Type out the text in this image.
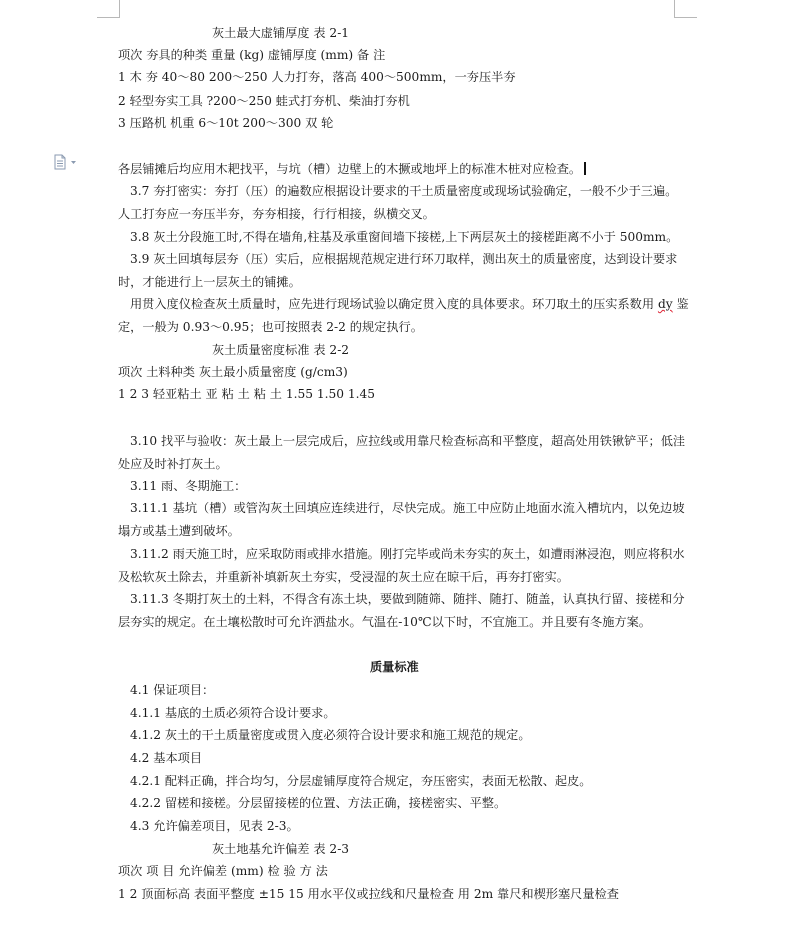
灰土最大虚铺厚度 表 2-1
项次 夯具的种类 重量 (kg) 虚铺厚度 (mm) 备 注
1 木 夯 40～80 200～250 人力打夯，落高 400～500mm，一夯压半夯
2 轻型夯实工具 ?200～250 蛙式打夯机、柴油打夯机
3 压路机 机重 6～10t 200～300 双 轮
各层铺摊后均应用木耙找平，与坑（槽）边壁上的木撅或地坪上的标准木桩对应检查。
3.7 夯打密实：夯打（压）的遍数应根据设计要求的干土质量密度或现场试验确定，一般不少于三遍。
人工打夯应一夯压半夯，夯夯相接，行行相接，纵横交叉。
3.8 灰土分段施工时,不得在墙角,柱基及承重窗间墙下接槎,上下两层灰土的接槎距离不小于 500mm。
3.9 灰土回填每层夯（压）实后，应根据规范规定进行环刀取样，测出灰土的质量密度，达到设计要求
时，才能进行上一层灰土的铺摊。
用贯入度仪检查灰土质量时，应先进行现场试验以确定贯入度的具体要求。环刀取土的压实系数用 dy 鉴
定，一般为 0.93～0.95；也可按照表 2-2 的规定执行。
灰土质量密度标准 表 2-2
项次 土料种类 灰土最小质量密度 (g/cm3)
1 2 3 轻亚粘土 亚 粘 土 粘 土 1.55 1.50 1.45
3.10 找平与验收：灰土最上一层完成后，应拉线或用靠尺检查标高和平整度，超高处用铁锹铲平；低洼
处应及时补打灰土。
3.11 雨、冬期施工：
3.11.1 基坑（槽）或管沟灰土回填应连续进行，尽快完成。施工中应防止地面水流入槽坑内，以免边坡
塌方或基土遭到破坏。
3.11.2 雨天施工时，应采取防雨或排水措施。刚打完毕或尚未夯实的灰土，如遭雨淋浸泡，则应将积水
及松软灰土除去，并重新补填新灰土夯实，受浸湿的灰土应在晾干后，再夯打密实。
3.11.3 冬期打灰土的土料，不得含有冻土块，要做到随筛、随拌、随打、随盖，认真执行留、接槎和分
层夯实的规定。在土壤松散时可允许洒盐水。气温在-10℃以下时，不宜施工。并且要有冬施方案。
质量标准
4.1 保证项目：
4.1.1 基底的土质必须符合设计要求。
4.1.2 灰土的干土质量密度或贯入度必须符合设计要求和施工规范的规定。
4.2 基本项目
4.2.1 配料正确，拌合均匀，分层虚铺厚度符合规定，夯压密实，表面无松散、起皮。
4.2.2 留槎和接槎。分层留接槎的位置、方法正确，接槎密实、平整。
4.3 允许偏差项目，见表 2-3。
灰土地基允许偏差 表 2-3
项次 项 目 允许偏差 (mm) 检 验 方 法
1 2 顶面标高 表面平整度 ±15 15 用水平仪或拉线和尺量检查 用 2m 靠尺和楔形塞尺量检查
